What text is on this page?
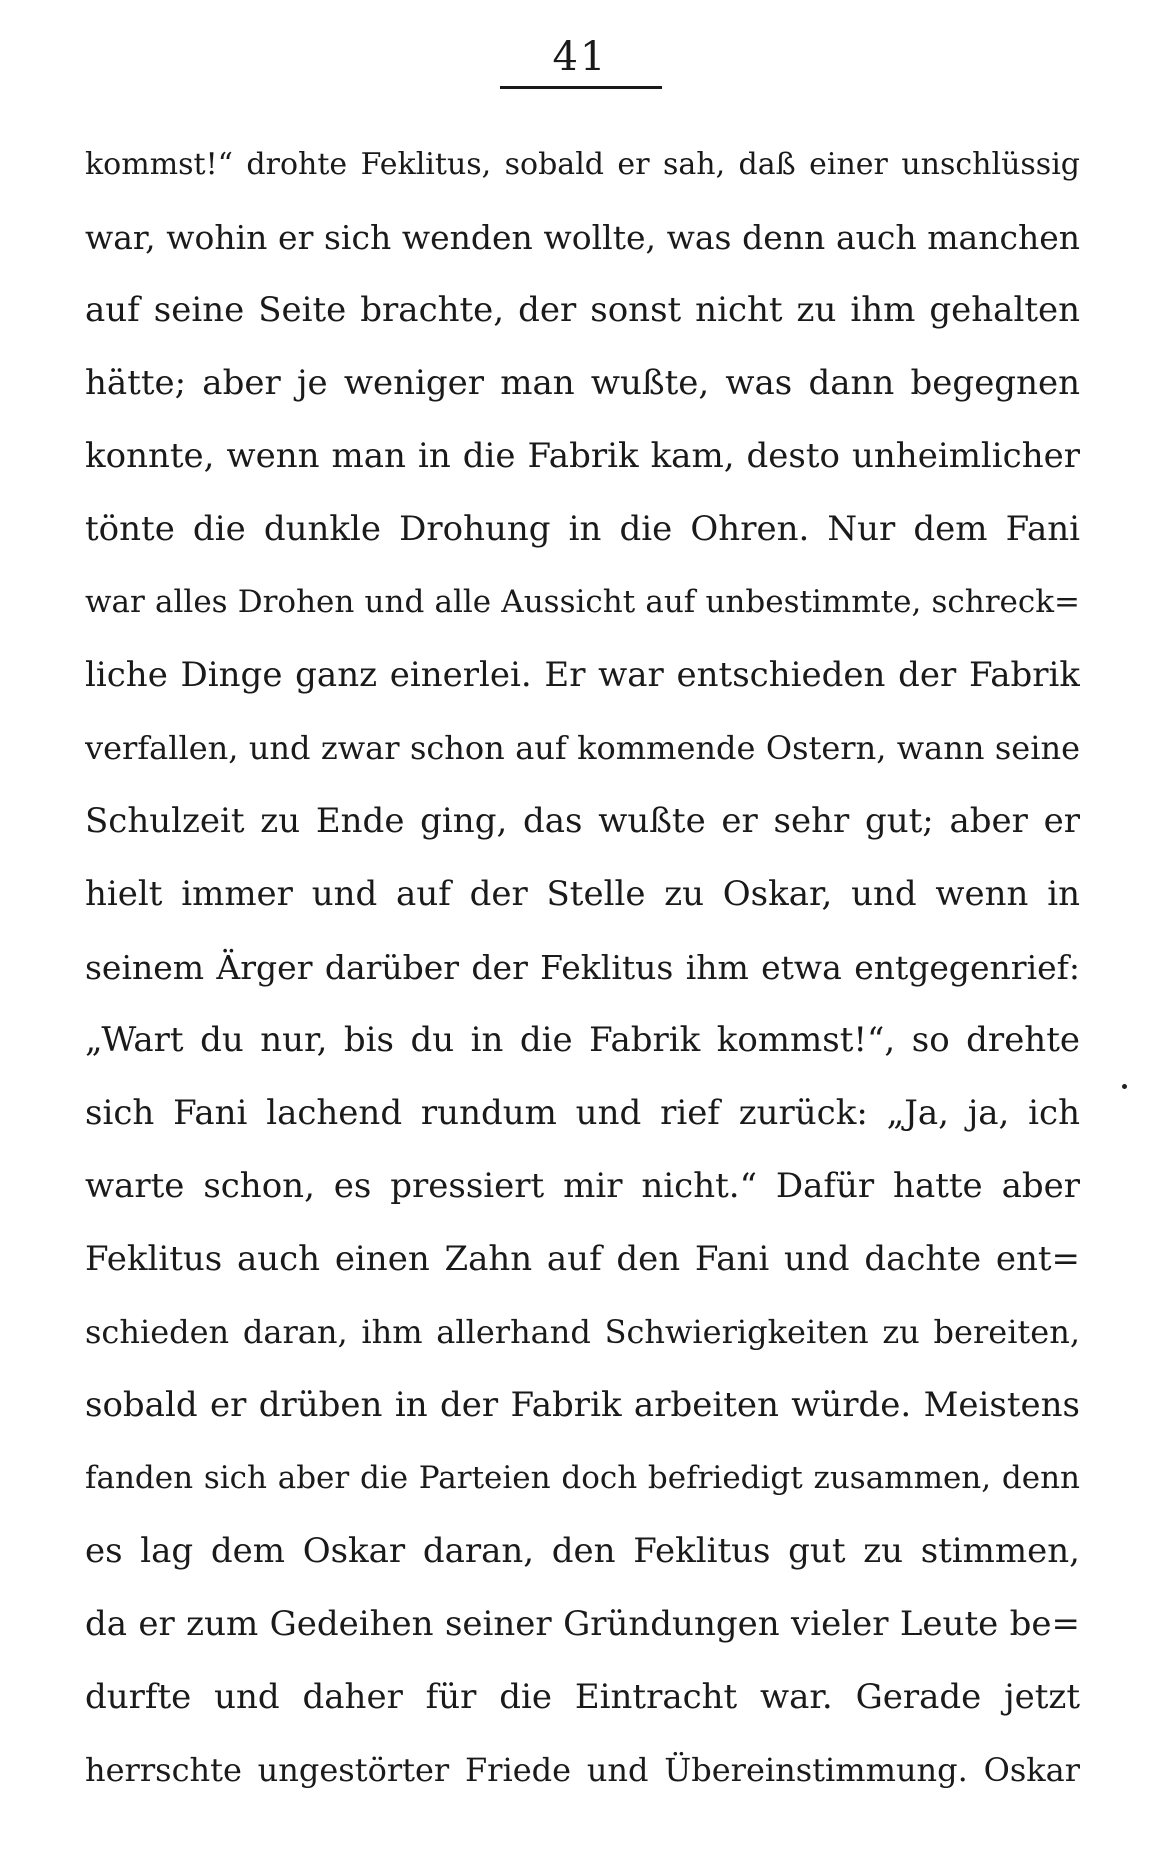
41
kommst!“ drohte Feklitus, sobald er sah, daß einer unschlüssig
war, wohin er sich wenden wollte, was denn auch manchen
auf seine Seite brachte, der sonst nicht zu ihm gehalten
hätte; aber je weniger man wußte, was dann begegnen
konnte, wenn man in die Fabrik kam, desto unheimlicher
tönte die dunkle Drohung in die Ohren. Nur dem Fani
war alles Drohen und alle Aussicht auf unbestimmte, schreck=
liche Dinge ganz einerlei. Er war entschieden der Fabrik
verfallen, und zwar schon auf kommende Ostern, wann seine
Schulzeit zu Ende ging, das wußte er sehr gut; aber er
hielt immer und auf der Stelle zu Oskar, und wenn in
seinem Ärger darüber der Feklitus ihm etwa entgegenrief:
„Wart du nur, bis du in die Fabrik kommst!“, so drehte
sich Fani lachend rundum und rief zurück: „Ja, ja, ich
warte schon, es pressiert mir nicht.“ Dafür hatte aber
Feklitus auch einen Zahn auf den Fani und dachte ent=
schieden daran, ihm allerhand Schwierigkeiten zu bereiten,
sobald er drüben in der Fabrik arbeiten würde. Meistens
fanden sich aber die Parteien doch befriedigt zusammen, denn
es lag dem Oskar daran, den Feklitus gut zu stimmen,
da er zum Gedeihen seiner Gründungen vieler Leute be=
durfte und daher für die Eintracht war. Gerade jetzt
herrschte ungestörter Friede und Übereinstimmung. Oskar
